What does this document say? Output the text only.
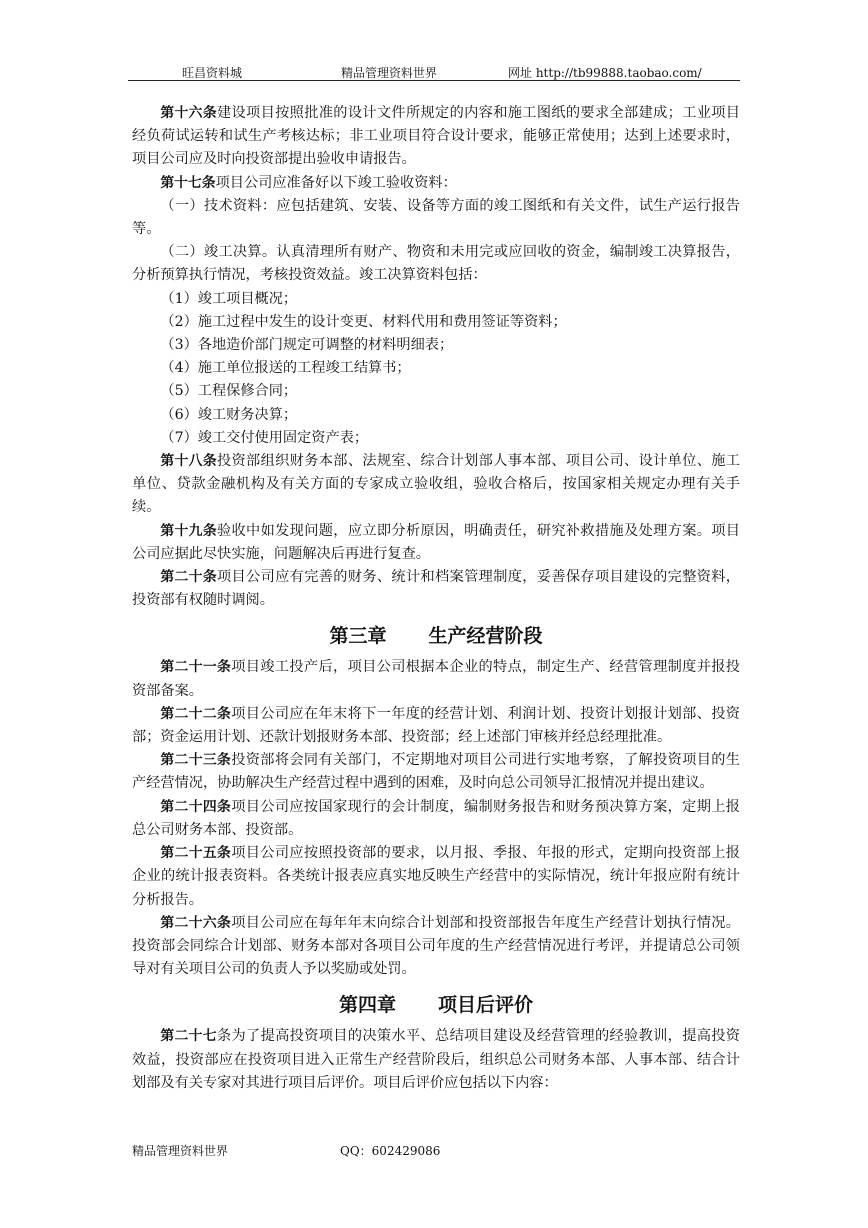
旺昌资料城	精品管理资料世界	网址 http://tb99888.taobao.com/

第十六条建设项目按照批准的设计文件所规定的内容和施工图纸的要求全部建成；工业项目经负荷试运转和试生产考核达标；非工业项目符合设计要求，能够正常使用；达到上述要求时，项目公司应及时向投资部提出验收申请报告。

第十七条项目公司应准备好以下竣工验收资料：

（一）技术资料：应包括建筑、安装、设备等方面的竣工图纸和有关文件，试生产运行报告等。

（二）竣工决算。认真清理所有财产、物资和未用完或应回收的资金，编制竣工决算报告，分析预算执行情况，考核投资效益。竣工决算资料包括：

（1）竣工项目概况；

（2）施工过程中发生的设计变更、材料代用和费用签证等资料；

（3）各地造价部门规定可调整的材料明细表；

（4）施工单位报送的工程竣工结算书；

（5）工程保修合同；

（6）竣工财务决算；

（7）竣工交付使用固定资产表；

第十八条投资部组织财务本部、法规室、综合计划部人事本部、项目公司、设计单位、施工单位、贷款金融机构及有关方面的专家成立验收组，验收合格后，按国家相关规定办理有关手续。

第十九条验收中如发现问题，应立即分析原因，明确责任，研究补救措施及处理方案。项目公司应据此尽快实施，问题解决后再进行复查。

第二十条项目公司应有完善的财务、统计和档案管理制度，妥善保存项目建设的完整资料，投资部有权随时调阅。

第三章 生产经营阶段

第二十一条项目竣工投产后，项目公司根据本企业的特点，制定生产、经营管理制度并报投资部备案。

第二十二条项目公司应在年末将下一年度的经营计划、利润计划、投资计划报计划部、投资部；资金运用计划、还款计划报财务本部、投资部；经上述部门审核并经总经理批准。

第二十三条投资部将会同有关部门，不定期地对项目公司进行实地考察，了解投资项目的生产经营情况，协助解决生产经营过程中遇到的困难，及时向总公司领导汇报情况并提出建议。

第二十四条项目公司应按国家现行的会计制度，编制财务报告和财务预决算方案，定期上报总公司财务本部、投资部。

第二十五条项目公司应按照投资部的要求，以月报、季报、年报的形式，定期向投资部上报企业的统计报表资料。各类统计报表应真实地反映生产经营中的实际情况，统计年报应附有统计分析报告。

第二十六条项目公司应在每年年末向综合计划部和投资部报告年度生产经营计划执行情况。投资部会同综合计划部、财务本部对各项目公司年度的生产经营情况进行考评，并提请总公司领导对有关项目公司的负责人予以奖励或处罚。

第四章 项目后评价

第二十七条为了提高投资项目的决策水平、总结项目建设及经营管理的经验教训，提高投资效益，投资部应在投资项目进入正常生产经营阶段后，组织总公司财务本部、人事本部、结合计划部及有关专家对其进行项目后评价。项目后评价应包括以下内容：

精品管理资料世界	QQ：602429086
